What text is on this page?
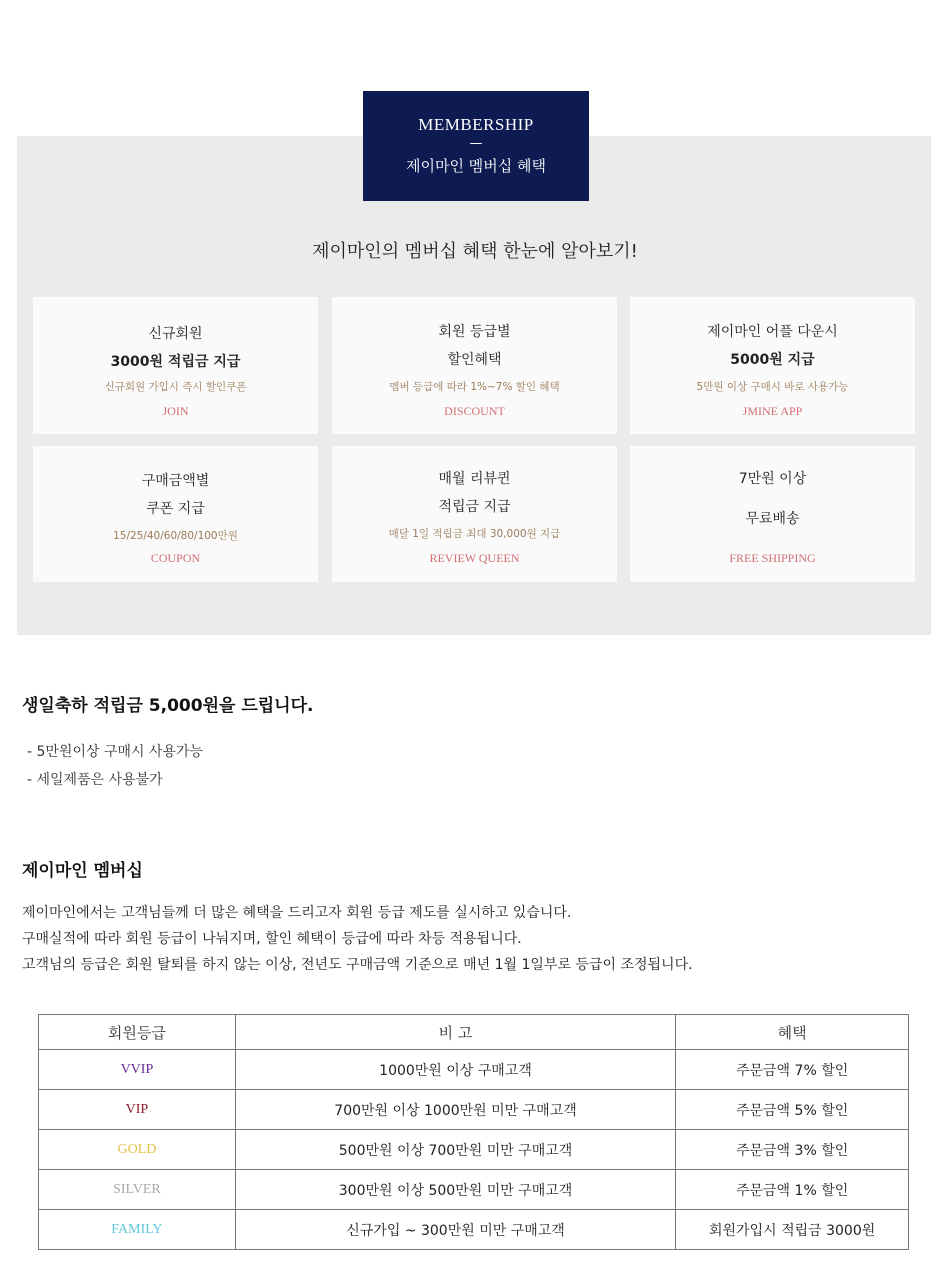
MEMBERSHIP
—
제이마인 멤버십 혜택
제이마인의 멤버십 혜택 한눈에 알아보기!
신규회원
3000원 적립금 지급
신규회원 가입시 즉시 할인쿠폰
JOIN
회원 등급별
할인혜택
멤버 등급에 따라 1%~7% 할인 혜택
DISCOUNT
제이마인 어플 다운시
5000원 지급
5만원 이상 구매시 바로 사용가능
JMINE APP
구매금액별
쿠폰 지급
15/25/40/60/80/100만원
COUPON
매월 리뷰퀸
적립금 지급
매달 1일 적립금 최대 30,000원 지급
REVIEW QUEEN
7만원 이상
무료배송
FREE SHIPPING
생일축하 적립금 5,000원을 드립니다.
- 5만원이상 구매시 사용가능
- 세일제품은 사용불가
제이마인 멤버십
제이마인에서는 고객님들께 더 많은 혜택을 드리고자 회원 등급 제도를 실시하고 있습니다.
구매실적에 따라 회원 등급이 나눠지며, 할인 혜택이 등급에 따라 차등 적용됩니다.
고객님의 등급은 회원 탈퇴를 하지 않는 이상, 전년도 구매금액 기준으로 매년 1월 1일부로 등급이 조정됩니다.
회원등급	비 고	혜택
VVIP	1000만원 이상 구매고객	주문금액 7% 할인
VIP	700만원 이상 1000만원 미만 구매고객	주문금액 5% 할인
GOLD	500만원 이상 700만원 미만 구매고객	주문금액 3% 할인
SILVER	300만원 이상 500만원 미만 구매고객	주문금액 1% 할인
FAMILY	신규가입 ~ 300만원 미만 구매고객	회원가입시 적립금 3000원
